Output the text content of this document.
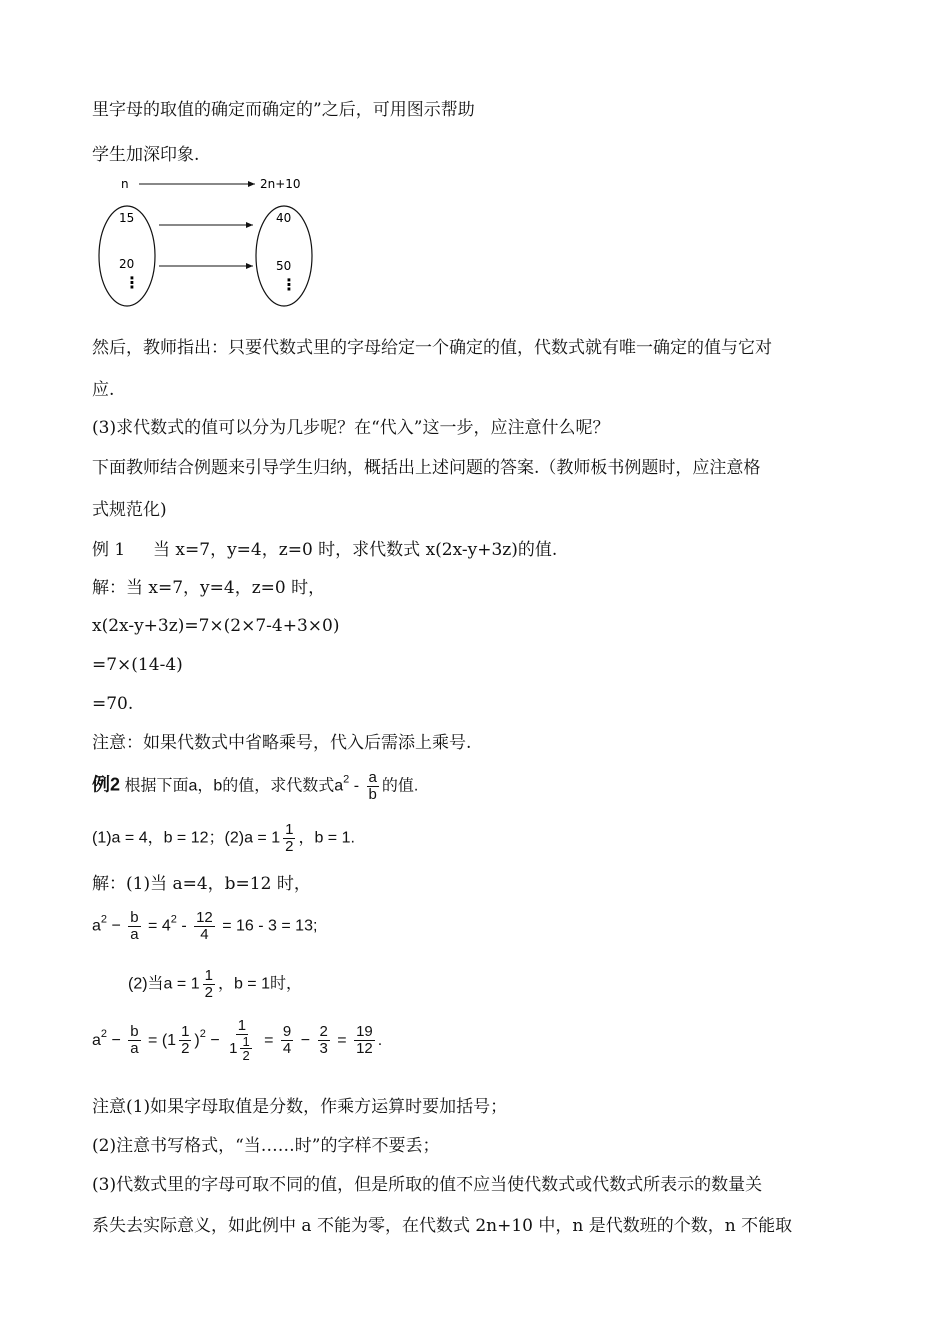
里字母的取值的确定而确定的”之后，可用图示帮助
学生加深印象.
n	2n+10
15
20
⋮
40
50
⋮
然后，教师指出：只要代数式里的字母给定一个确定的值，代数式就有唯一确定的值与它对
应.
(3)求代数式的值可以分为几步呢？在“代入”这一步，应注意什么呢？
下面教师结合例题来引导学生归纳，概括出上述问题的答案.（教师板书例题时，应注意格
式规范化)
例 1 　 当 x=7，y=4，z=0 时，求代数式 x(2x-y+3z)的值.
解：当 x=7，y=4，z=0 时，
x(2x-y+3z)=7×(2×7-4+3×0)
=7×(14-4)
=70.
注意：如果代数式中省略乘号，代入后需添上乘号.
例2 根据下面a，b的值，求代数式$a^2 - \frac{a}{b}$ 的值.
(1)a = 4，b = 12；$(2)a = 1 \frac{1}{2}$ ，b = 1.
解：(1)当 a=4，b=12 时，
$a^2 - \frac{b}{a} = 4^2 - \frac{12}{4} = 16 - 3 = 13$;
(2)当$a = 1 \frac{1}{2}$ ，b = 1时，
$a^2 - \frac{b}{a} = (1 \frac{1}{2} )^2 - \frac{1}{1 \frac{1}{2}} = \frac{9}{4} - \frac{2}{3} = \frac{19}{12}$ .
注意(1)如果字母取值是分数，作乘方运算时要加括号；
(2)注意书写格式，“当……时”的字样不要丢；
(3)代数式里的字母可取不同的值，但是所取的值不应当使代数式或代数式所表示的数量关
系失去实际意义，如此例中 a 不能为零，在代数式 2n+10 中，n 是代数班的个数，n 不能取
